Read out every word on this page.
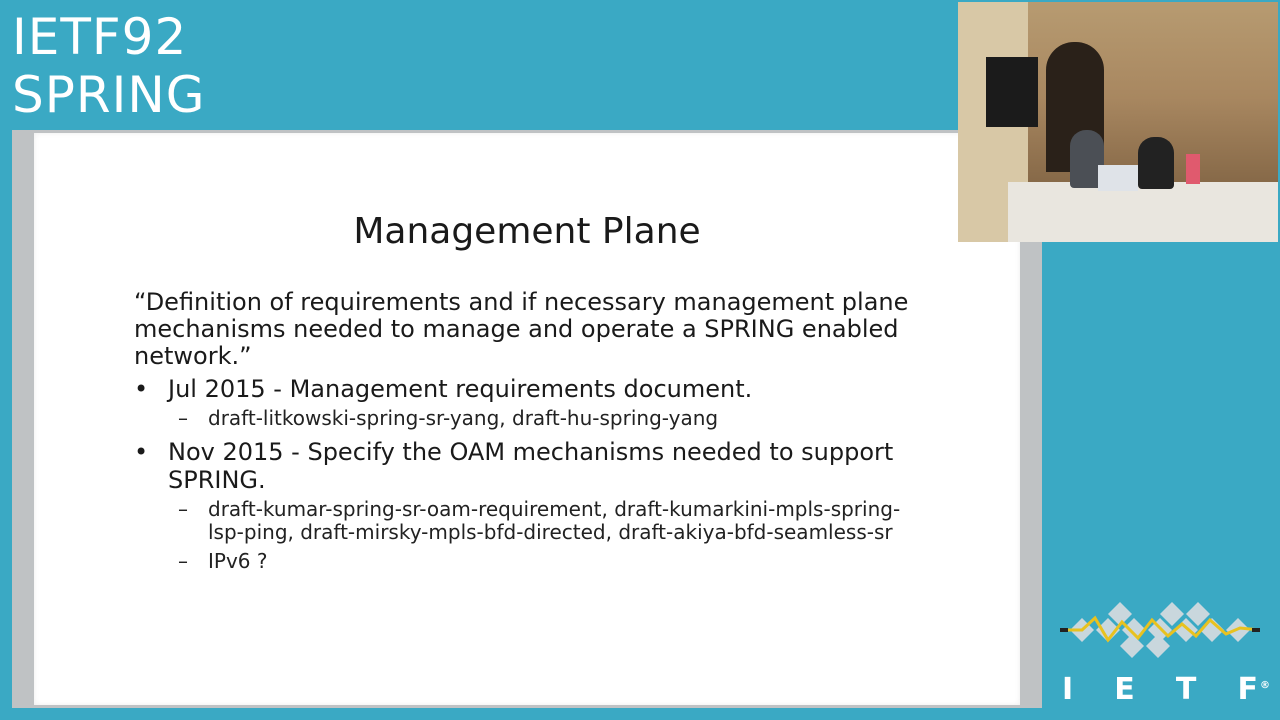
IETF92
SPRING
Management Plane
“Definition of requirements and if necessary management plane mechanisms needed to manage and operate a SPRING enabled network.”

• Jul 2015 - Management requirements document.

– draft-litkowski-spring-sr-yang, draft-hu-spring-yang

• Nov 2015 - Specify the OAM mechanisms needed to support SPRING.

– draft-kumar-spring-sr-oam-requirement, draft-kumarkini-mpls-spring-lsp-ping, draft-mirsky-mpls-bfd-directed, draft-akiya-bfd-seamless-sr

– IPv6 ?

I E T F®
